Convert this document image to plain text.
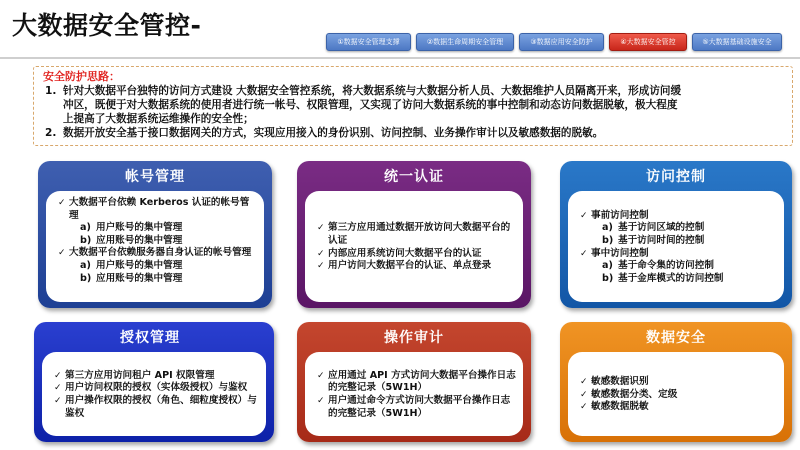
大数据安全管控-
①数据安全管理支撑	②数据生命周期安全管理	③数据应用安全防护	④大数据安全管控	⑤大数据基础设施安全
安全防护思路：
1. 针对大数据平台独特的访问方式建设 大数据安全管控系统，将大数据系统与大数据分析人员、大数据维护人员隔离开来，形成访问缓
冲区，既便于对大数据系统的使用者进行统一帐号、权限管理，又实现了访问大数据系统的事中控制和动态访问数据脱敏，极大程度
上提高了大数据系统运维操作的安全性；
2. 数据开放安全基于接口数据网关的方式，实现应用接入的身份识别、访问控制、业务操作审计以及敏感数据的脱敏。
帐号管理
✓ 大数据平台依赖 Kerberos 认证的帐号管理
a) 用户账号的集中管理
b) 应用账号的集中管理
✓ 大数据平台依赖服务器自身认证的帐号管理
a) 用户账号的集中管理
b) 应用账号的集中管理
统一认证
✓ 第三方应用通过数据开放访问大数据平台的认证
✓ 内部应用系统访问大数据平台的认证
✓ 用户访问大数据平台的认证、单点登录
访问控制
✓ 事前访问控制
a) 基于访问区域的控制
b) 基于访问时间的控制
✓ 事中访问控制
a) 基于命令集的访问控制
b) 基于金库模式的访问控制
授权管理
✓ 第三方应用访问租户 API 权限管理
✓ 用户访问权限的授权（实体级授权）与鉴权
✓ 用户操作权限的授权（角色、细粒度授权）与鉴权
操作审计
✓ 应用通过 API 方式访问大数据平台操作日志的完整记录（5W1H）
✓ 用户通过命令方式访问大数据平台操作日志的完整记录（5W1H）
数据安全
✓ 敏感数据识别
✓ 敏感数据分类、定级
✓ 敏感数据脱敏
